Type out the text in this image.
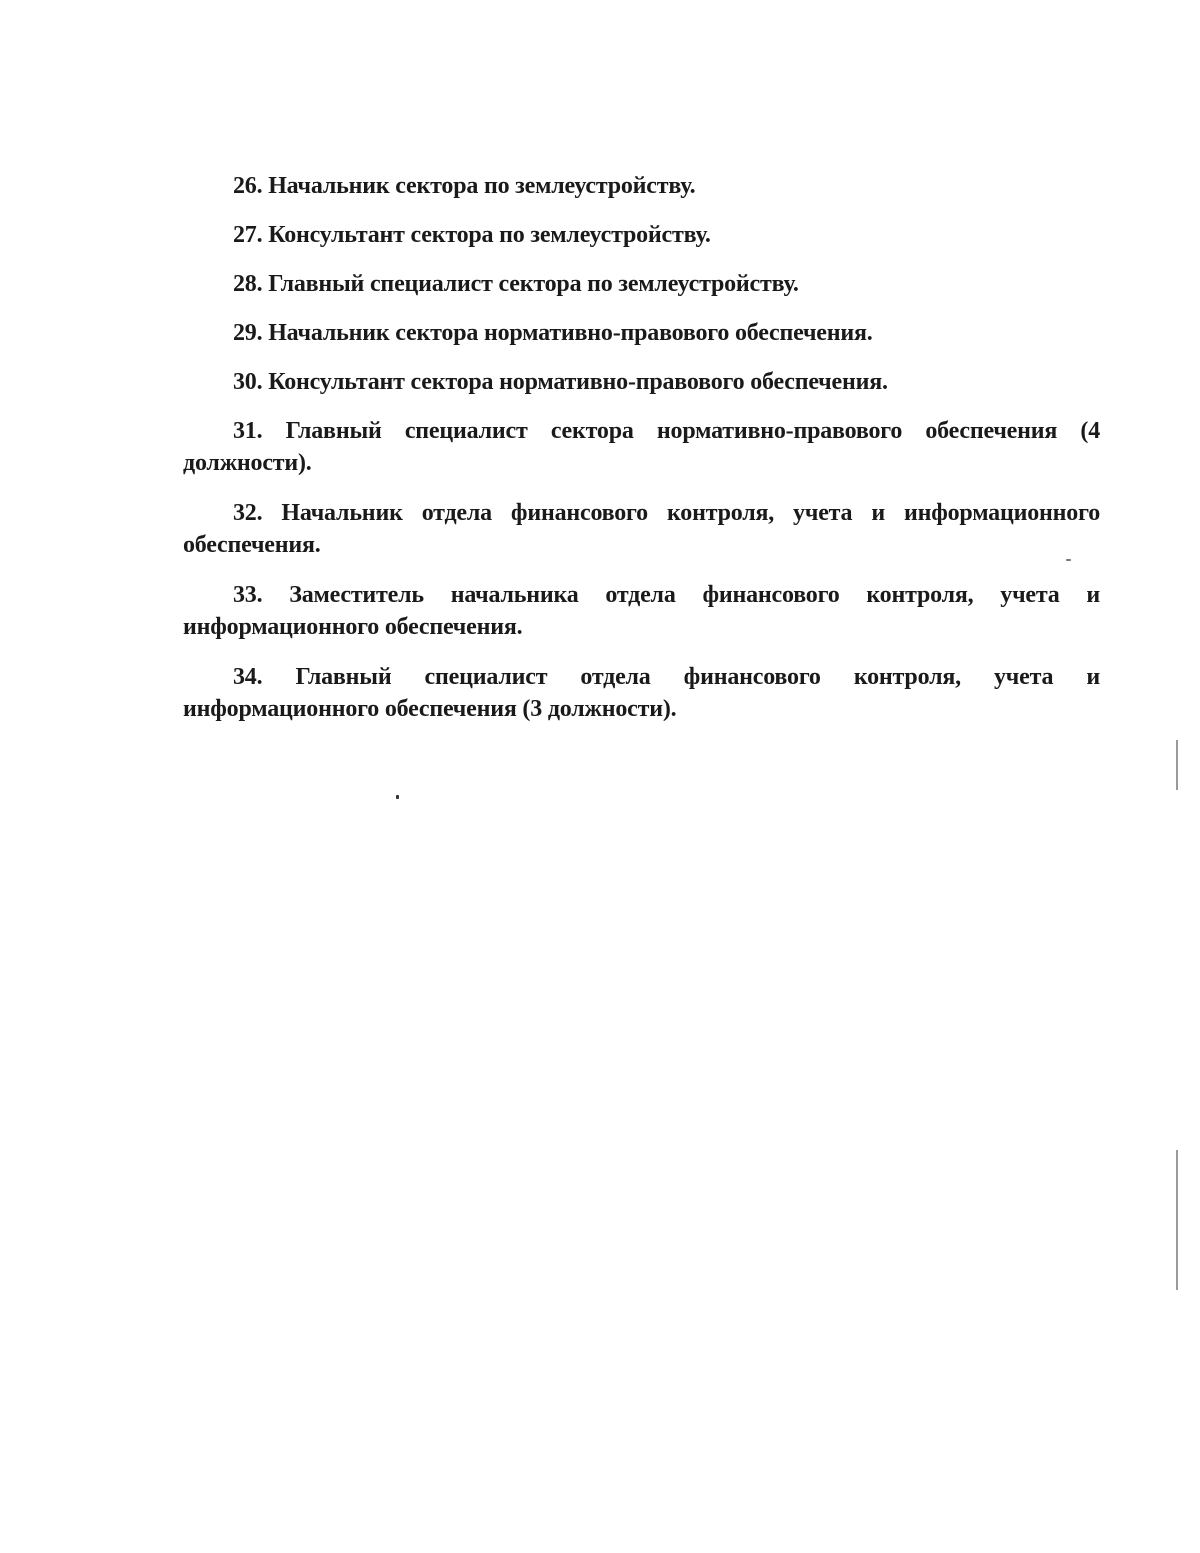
26. Начальник сектора по землеустройству.

27. Консультант сектора по землеустройству.

28. Главный специалист сектора по землеустройству.

29. Начальник сектора нормативно-правового обеспечения.

30. Консультант сектора нормативно-правового обеспечения.

31. Главный специалист сектора нормативно-правового обеспечения (4 должности).

32. Начальник отдела финансового контроля, учета и информационного обеспечения.

33. Заместитель начальника отдела финансового контроля, учета и информационного обеспечения.

34. Главный специалист отдела финансового контроля, учета и информационного обеспечения (3 должности).
